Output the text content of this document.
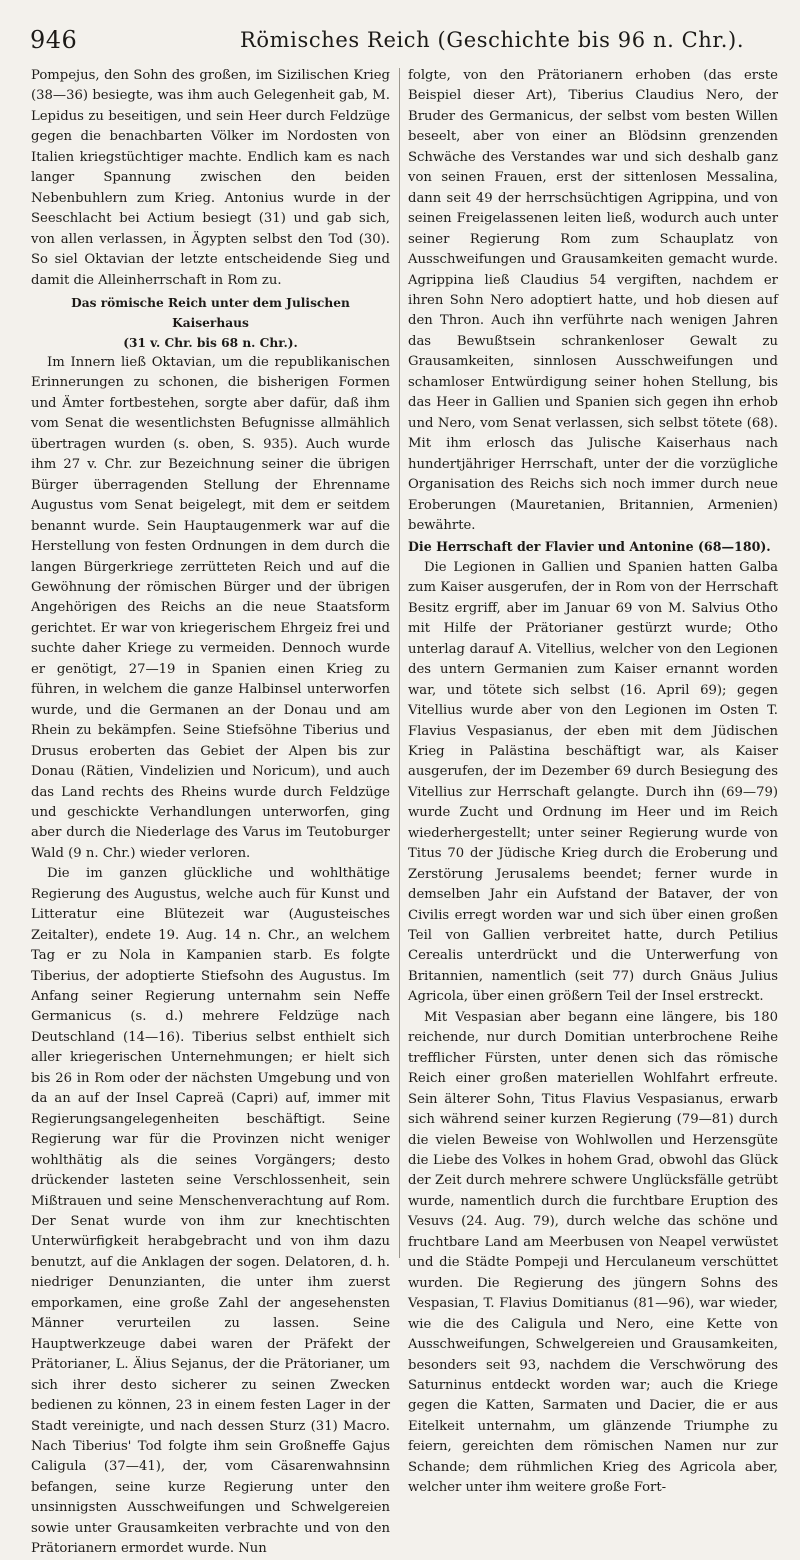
946	Römisches Reich (Geschichte bis 96 n. Chr.).

Pompejus, den Sohn des großen, im Sizilischen Krieg (38—36) besiegte, was ihm auch Gelegenheit gab, M. Lepidus zu beseitigen, und sein Heer durch Feldzüge gegen die benachbarten Völker im Nordosten von Italien kriegstüchtiger machte. Endlich kam es nach langer Spannung zwischen den beiden Nebenbuhlern zum Krieg. Antonius wurde in der Seeschlacht bei Actium besiegt (31) und gab sich, von allen verlassen, in Ägypten selbst den Tod (30). So siel Oktavian der letzte entscheidende Sieg und damit die Alleinherrschaft in Rom zu.

Das römische Reich unter dem Julischen Kaiserhaus
(31 v. Chr. bis 68 n. Chr.).

Im Innern ließ Oktavian, um die republikanischen Erinnerungen zu schonen, die bisherigen Formen und Ämter fortbestehen, sorgte aber dafür, daß ihm vom Senat die wesentlichsten Befugnisse allmählich übertragen wurden (s. oben, S. 935). Auch wurde ihm 27 v. Chr. zur Bezeichnung seiner die übrigen Bürger überragenden Stellung der Ehrenname Augustus vom Senat beigelegt, mit dem er seitdem benannt wurde. Sein Hauptaugenmerk war auf die Herstellung von festen Ordnungen in dem durch die langen Bürgerkriege zerrütteten Reich und auf die Gewöhnung der römischen Bürger und der übrigen Angehörigen des Reichs an die neue Staatsform gerichtet. Er war von kriegerischem Ehrgeiz frei und suchte daher Kriege zu vermeiden. Dennoch wurde er genötigt, 27—19 in Spanien einen Krieg zu führen, in welchem die ganze Halbinsel unterworfen wurde, und die Germanen an der Donau und am Rhein zu bekämpfen. Seine Stiefsöhne Tiberius und Drusus eroberten das Gebiet der Alpen bis zur Donau (Rätien, Vindelizien und Noricum), und auch das Land rechts des Rheins wurde durch Feldzüge und geschickte Verhandlungen unterworfen, ging aber durch die Niederlage des Varus im Teutoburger Wald (9 n. Chr.) wieder verloren.

Die im ganzen glückliche und wohlthätige Regierung des Augustus, welche auch für Kunst und Litteratur eine Blütezeit war (Augusteisches Zeitalter), endete 19. Aug. 14 n. Chr., an welchem Tag er zu Nola in Kampanien starb. Es folgte Tiberius, der adoptierte Stiefsohn des Augustus. Im Anfang seiner Regierung unternahm sein Neffe Germanicus (s. d.) mehrere Feldzüge nach Deutschland (14—16). Tiberius selbst enthielt sich aller kriegerischen Unternehmungen; er hielt sich bis 26 in Rom oder der nächsten Umgebung und von da an auf der Insel Capreä (Capri) auf, immer mit Regierungsangelegenheiten beschäftigt. Seine Regierung war für die Provinzen nicht weniger wohlthätig als die seines Vorgängers; desto drückender lasteten seine Verschlossenheit, sein Mißtrauen und seine Menschenverachtung auf Rom. Der Senat wurde von ihm zur knechtischten Unterwürfigkeit herabgebracht und von ihm dazu benutzt, auf die Anklagen der sogen. Delatoren, d. h. niedriger Denunzianten, die unter ihm zuerst emporkamen, eine große Zahl der angesehensten Männer verurteilen zu lassen. Seine Hauptwerkzeuge dabei waren der Präfekt der Prätorianer, L. Älius Sejanus, der die Prätorianer, um sich ihrer desto sicherer zu seinen Zwecken bedienen zu können, 23 in einem festen Lager in der Stadt vereinigte, und nach dessen Sturz (31) Macro. Nach Tiberius' Tod folgte ihm sein Großneffe Gajus Caligula (37—41), der, vom Cäsarenwahnsinn befangen, seine kurze Regierung unter den unsinnigsten Ausschweifungen und Schwelgereien sowie unter Grausamkeiten verbrachte und von den Prätorianern ermordet wurde. Nun

folgte, von den Prätorianern erhoben (das erste Beispiel dieser Art), Tiberius Claudius Nero, der Bruder des Germanicus, der selbst vom besten Willen beseelt, aber von einer an Blödsinn grenzenden Schwäche des Verstandes war und sich deshalb ganz von seinen Frauen, erst der sittenlosen Messalina, dann seit 49 der herrschsüchtigen Agrippina, und von seinen Freigelassenen leiten ließ, wodurch auch unter seiner Regierung Rom zum Schauplatz von Ausschweifungen und Grausamkeiten gemacht wurde. Agrippina ließ Claudius 54 vergiften, nachdem er ihren Sohn Nero adoptiert hatte, und hob diesen auf den Thron. Auch ihn verführte nach wenigen Jahren das Bewußtsein schrankenloser Gewalt zu Grausamkeiten, sinnlosen Ausschweifungen und schamloser Entwürdigung seiner hohen Stellung, bis das Heer in Gallien und Spanien sich gegen ihn erhob und Nero, vom Senat verlassen, sich selbst tötete (68). Mit ihm erlosch das Julische Kaiserhaus nach hundertjähriger Herrschaft, unter der die vorzügliche Organisation des Reichs sich noch immer durch neue Eroberungen (Mauretanien, Britannien, Armenien) bewährte.

Die Herrschaft der Flavier und Antonine (68—180).

Die Legionen in Gallien und Spanien hatten Galba zum Kaiser ausgerufen, der in Rom von der Herrschaft Besitz ergriff, aber im Januar 69 von M. Salvius Otho mit Hilfe der Prätorianer gestürzt wurde; Otho unterlag darauf A. Vitellius, welcher von den Legionen des untern Germanien zum Kaiser ernannt worden war, und tötete sich selbst (16. April 69); gegen Vitellius wurde aber von den Legionen im Osten T. Flavius Vespasianus, der eben mit dem Jüdischen Krieg in Palästina beschäftigt war, als Kaiser ausgerufen, der im Dezember 69 durch Besiegung des Vitellius zur Herrschaft gelangte. Durch ihn (69—79) wurde Zucht und Ordnung im Heer und im Reich wiederhergestellt; unter seiner Regierung wurde von Titus 70 der Jüdische Krieg durch die Eroberung und Zerstörung Jerusalems beendet; ferner wurde in demselben Jahr ein Aufstand der Bataver, der von Civilis erregt worden war und sich über einen großen Teil von Gallien verbreitet hatte, durch Petilius Cerealis unterdrückt und die Unterwerfung von Britannien, namentlich (seit 77) durch Gnäus Julius Agricola, über einen größern Teil der Insel erstreckt.

Mit Vespasian aber begann eine längere, bis 180 reichende, nur durch Domitian unterbrochene Reihe trefflicher Fürsten, unter denen sich das römische Reich einer großen materiellen Wohlfahrt erfreute. Sein älterer Sohn, Titus Flavius Vespasianus, erwarb sich während seiner kurzen Regierung (79—81) durch die vielen Beweise von Wohlwollen und Herzensgüte die Liebe des Volkes in hohem Grad, obwohl das Glück der Zeit durch mehrere schwere Unglücksfälle getrübt wurde, namentlich durch die furchtbare Eruption des Vesuvs (24. Aug. 79), durch welche das schöne und fruchtbare Land am Meerbusen von Neapel verwüstet und die Städte Pompeji und Herculaneum verschüttet wurden. Die Regierung des jüngern Sohns des Vespasian, T. Flavius Domitianus (81—96), war wieder, wie die des Caligula und Nero, eine Kette von Ausschweifungen, Schwelgereien und Grausamkeiten, besonders seit 93, nachdem die Verschwörung des Saturninus entdeckt worden war; auch die Kriege gegen die Katten, Sarmaten und Dacier, die er aus Eitelkeit unternahm, um glänzende Triumphe zu feiern, gereichten dem römischen Namen nur zur Schande; dem rühmlichen Krieg des Agricola aber, welcher unter ihm weitere große Fort-
